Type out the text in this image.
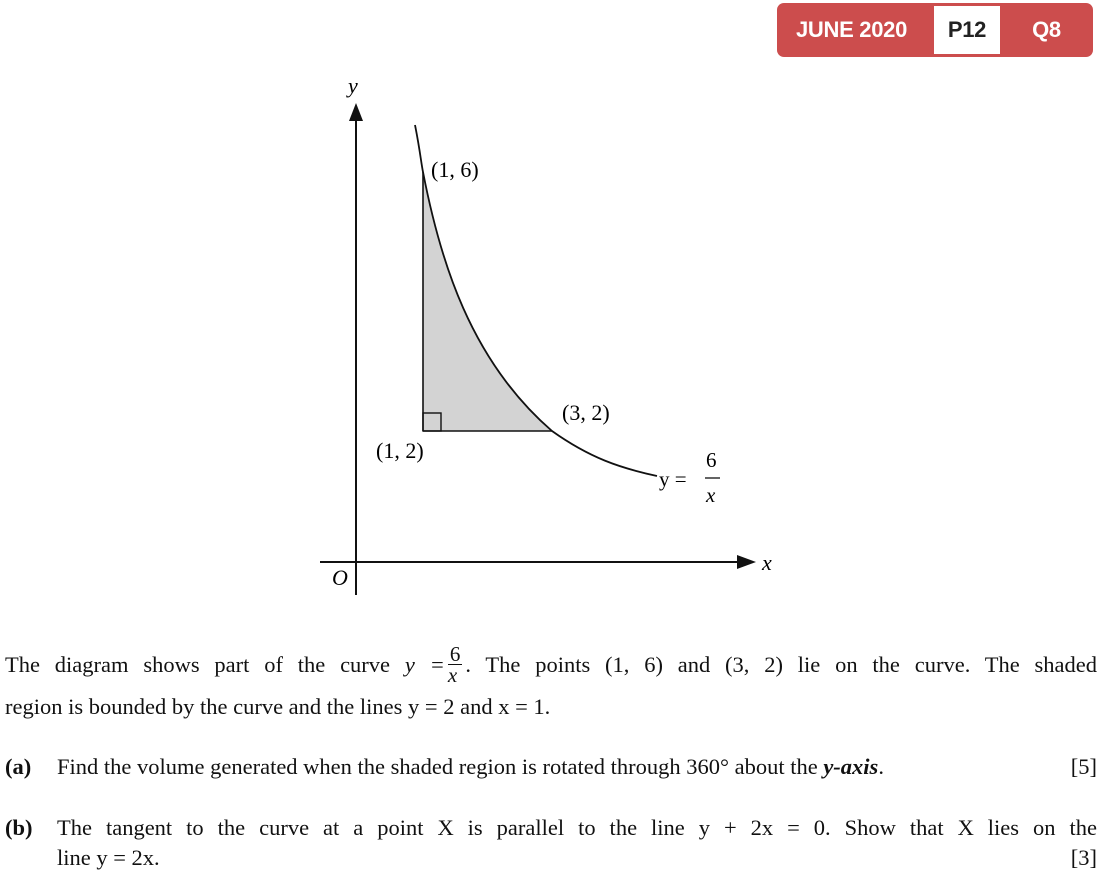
JUNE 2020	P12	Q8
y
x
O
(1, 6)
(3, 2)
(1, 2)
y =
6
x
The diagram shows part of the curve $y = \frac{6}{x}$ . The points (1, 6) and (3, 2) lie on the curve. The shaded
region is bounded by the curve and the lines y = 2 and x = 1.
(a) Find the volume generated when the shaded region is rotated through 360° about the y-axis.	[5]
(b) The tangent to the curve at a point X is parallel to the line y + 2x = 0. Show that X lies on the
line y = 2x.	[3]
